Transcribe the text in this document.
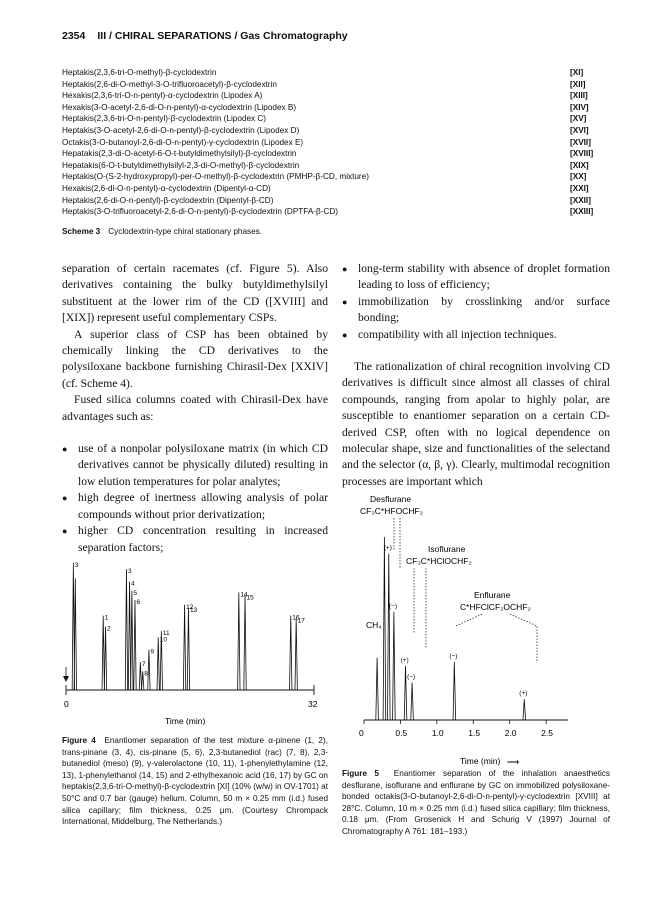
2354 III / CHIRAL SEPARATIONS / Gas Chromatography
Heptakis(2,3,6-tri-O-methyl)-β-cyclodextrin	[XI]
Heptakis(2,6-di-O-methyl-3-O-trifluoroacetyl)-β-cyclodextrin	[XII]
Hexakis(2,3,6-tri-O-n-pentyl)-α-cyclodextrin (Lipodex A)	[XIII]
Hexakis(3-O-acetyl-2,6-di-O-n-pentyl)-α-cyclodextrin (Lipodex B)	[XIV]
Heptakis(2,3,6-tri-O-n-pentyl)-β-cyclodextrin (Lipodex C)	[XV]
Heptakis(3-O-acetyl-2,6-di-O-n-pentyl)-β-cyclodextrin (Lipodex D)	[XVI]
Octakis(3-O-butanoyl-2,6-di-O-n-pentyl)-γ-cyclodextrin (Lipodex E)	[XVII]
Hepatakis(2,3-di-O-acetyl-6-O-t-butyldimethylsilyl)-β-cyclodextrin	[XVIII]
Hepatakis(6-O-t-butyldimethylsilyl-2,3-di-O-methyl)-β-cyclodextrin	[XIX]
Heptakis(O-(S-2-hydroxypropyl)-per-O-methyl)-β-cyclodextrin (PMHP-β-CD, mixture)	[XX]
Hexakis(2,6-di-O-n-pentyl)-α-cyclodextrin (Dipentyl-α-CD)	[XXI]
Heptakis(2,6-di-O-n-pentyl)-β-cyclodextrin (Dipentyl-β-CD)	[XXII]
Heptakis(3-O-trifluoroacetyl-2,6-di-O-n-pentyl)-β-cyclodextrin (DPTFA-β-CD)	[XXIII]
Scheme 3 Cyclodextrin-type chiral stationary phases.

separation of certain racemates (cf. Figure 5). Also derivatives containing the bulky butyldimethylsilyl substituent at the lower rim of the CD ([XVIII] and [XIX]) represent useful complementary CSPs.

A superior class of CSP has been obtained by chemically linking the CD derivatives to the polysiloxane backbone furnishing Chirasil-Dex [XXIV] (cf. Scheme 4).

Fused silica columns coated with Chirasil-Dex have advantages such as:

● use of a nonpolar polysiloxane matrix (in which CD derivatives cannot be physically diluted) resulting in low elution temperatures for polar analytes;
● high degree of inertness allowing analysis of polar compounds without prior derivatization;
● higher CD concentration resulting in increased separation factors;
● long-term stability with absence of droplet formation leading to loss of efficiency;
● immobilization by crosslinking and/or surface bonding;
● compatibility with all injection techniques.

The rationalization of chiral recognition involving CD derivatives is difficult since almost all classes of chiral compounds, ranging from apolar to highly polar, are susceptible to enantiomer separation on a certain CD-derived CSP, often with no logical dependence on molecular shape, size and functionalities of the selectand and the selector (α, β, γ). Clearly, multimodal recognition processes are important which

3
1
2
3
4
5
6
7
8
9
10
11
12
13
14
15
16
17
0	32
Time (min)
Figure 4 Enantiomer separation of the test mixture α-pinene (1, 2), trans-pinane (3, 4), cis-pinane (5, 6), 2,3-butanediol (rac) (7, 8), 2,3-butanediol (meso) (9), γ-valerolactone (10, 11), 1-phenylethylamine (12, 13), 1-phenylethanol (14, 15) and 2-ethylhexanoic acid (16, 17) by GC on heptakis(2,3,6-tri-O-methyl)-β-cyclodextrin [XI] (10% (w/w) in OV-1701) at 50°C and 0.7 bar (gauge) helium. Column, 50 m × 0.25 mm (i.d.) fused silica capillary; film thickness, 0.25 μm. (Courtesy Chrompack International, Middelburg, The Netherlands.)
Desflurane
CF₃C*HFOCHF₂
Isoflurane
CF₃C*HClOCHF₂
Enflurane
C*HFClCF₂OCHF₂
CH₄
(+)
(−)
(+)
(−)
(−)
(+)
0	0.5	1.0	1.5	2.0	2.5
Time (min) ⟶
Figure 5 Enantiomer separation of the inhalation anaesthetics desflurane, isoflurane and enflurane by GC on immobilized polysiloxane-bonded octakis(3-O-butanoyl-2,6-di-O-n-pentyl)-γ-cyclodextrin [XVIII] at 28°C. Column, 10 m × 0.25 mm (i.d.) fused silica capillary; film thickness, 0.18 μm. (From Grosenick H and Schurig V (1997) Journal of Chromatography A 761: 181–193.)
